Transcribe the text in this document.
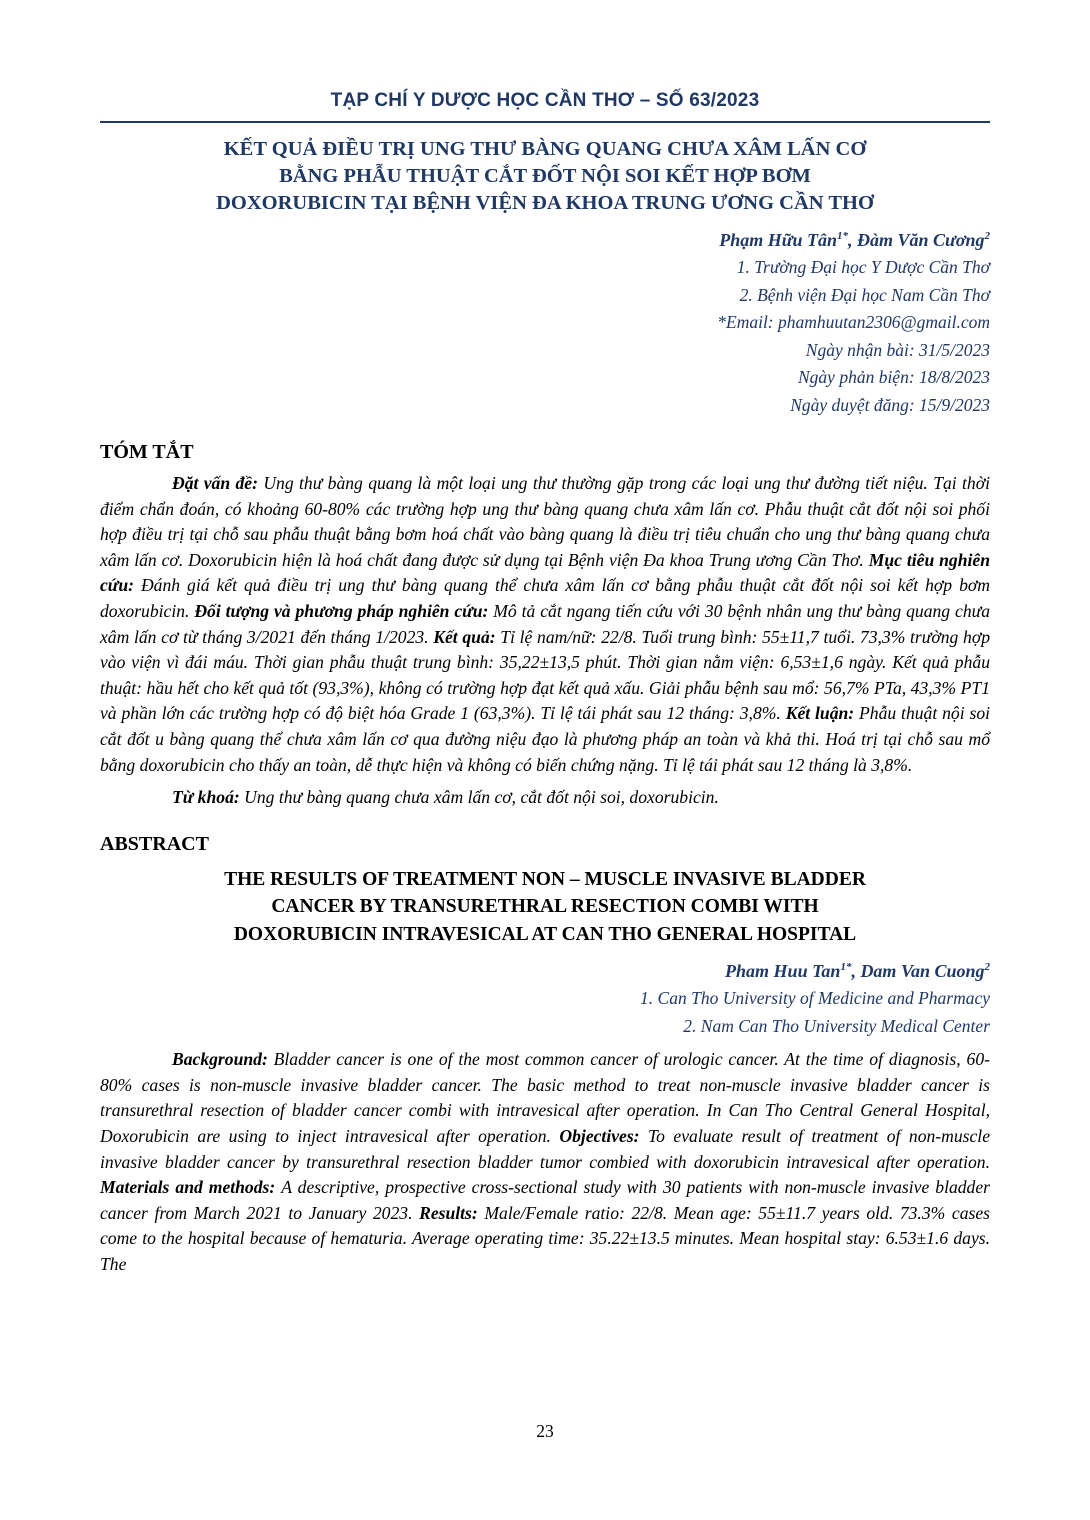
TẠP CHÍ Y DƯỢC HỌC CẦN THƠ – SỐ 63/2023
KẾT QUẢ ĐIỀU TRỊ UNG THƯ BÀNG QUANG CHƯA XÂM LẤN CƠ
BẰNG PHẪU THUẬT CẮT ĐỐT NỘI SOI KẾT HỢP BƠM
DOXORUBICIN TẠI BỆNH VIỆN ĐA KHOA TRUNG ƯƠNG CẦN THƠ
Phạm Hữu Tân$^{1*}$, Đàm Văn Cương$^2$
1. Trường Đại học Y Dược Cần Thơ
2. Bệnh viện Đại học Nam Cần Thơ
*Email: phamhuutan2306@gmail.com
Ngày nhận bài: 31/5/2023
Ngày phản biện: 18/8/2023
Ngày duyệt đăng: 15/9/2023
TÓM TẮT

Đặt vấn đề: Ung thư bàng quang là một loại ung thư thường gặp trong các loại ung thư đường tiết niệu. Tại thời điểm chẩn đoán, có khoảng 60-80% các trường hợp ung thư bàng quang chưa xâm lấn cơ. Phẫu thuật cắt đốt nội soi phối hợp điều trị tại chỗ sau phẫu thuật bằng bơm hoá chất vào bàng quang là điều trị tiêu chuẩn cho ung thư bàng quang chưa xâm lấn cơ. Doxorubicin hiện là hoá chất đang được sử dụng tại Bệnh viện Đa khoa Trung ương Cần Thơ. Mục tiêu nghiên cứu: Đánh giá kết quả điều trị ung thư bàng quang thể chưa xâm lấn cơ bằng phẫu thuật cắt đốt nội soi kết hợp bơm doxorubicin. Đối tượng và phương pháp nghiên cứu: Mô tả cắt ngang tiến cứu với 30 bệnh nhân ung thư bàng quang chưa xâm lấn cơ từ tháng 3/2021 đến tháng 1/2023. Kết quả: Tỉ lệ nam/nữ: 22/8. Tuổi trung bình: 55±11,7 tuổi. 73,3% trường hợp vào viện vì đái máu. Thời gian phẫu thuật trung bình: 35,22±13,5 phút. Thời gian nằm viện: 6,53±1,6 ngày. Kết quả phẫu thuật: hầu hết cho kết quả tốt (93,3%), không có trường hợp đạt kết quả xấu. Giải phẫu bệnh sau mổ: 56,7% PTa, 43,3% PT1 và phần lớn các trường hợp có độ biệt hóa Grade 1 (63,3%). Tỉ lệ tái phát sau 12 tháng: 3,8%. Kết luận: Phẫu thuật nội soi cắt đốt u bàng quang thể chưa xâm lấn cơ qua đường niệu đạo là phương pháp an toàn và khả thi. Hoá trị tại chỗ sau mổ bằng doxorubicin cho thấy an toàn, dễ thực hiện và không có biến chứng nặng. Tỉ lệ tái phát sau 12 tháng là 3,8%.

Từ khoá: Ung thư bàng quang chưa xâm lấn cơ, cắt đốt nội soi, doxorubicin.

ABSTRACT
THE RESULTS OF TREATMENT NON – MUSCLE INVASIVE BLADDER
CANCER BY TRANSURETHRAL RESECTION COMBI WITH
DOXORUBICIN INTRAVESICAL AT CAN THO GENERAL HOSPITAL
Pham Huu Tan$^{1*}$, Dam Van Cuong$^2$
1. Can Tho University of Medicine and Pharmacy
2. Nam Can Tho University Medical Center

Background: Bladder cancer is one of the most common cancer of urologic cancer. At the time of diagnosis, 60-80% cases is non-muscle invasive bladder cancer. The basic method to treat non-muscle invasive bladder cancer is transurethral resection of bladder cancer combi with intravesical after operation. In Can Tho Central General Hospital, Doxorubicin are using to inject intravesical after operation. Objectives: To evaluate result of treatment of non-muscle invasive bladder cancer by transurethral resection bladder tumor combied with doxorubicin intravesical after operation. Materials and methods: A descriptive, prospective cross-sectional study with 30 patients with non-muscle invasive bladder cancer from March 2021 to January 2023. Results: Male/Female ratio: 22/8. Mean age: 55±11.7 years old. 73.3% cases come to the hospital because of hematuria. Average operating time: 35.22±13.5 minutes. Mean hospital stay: 6.53±1.6 days. The

23
